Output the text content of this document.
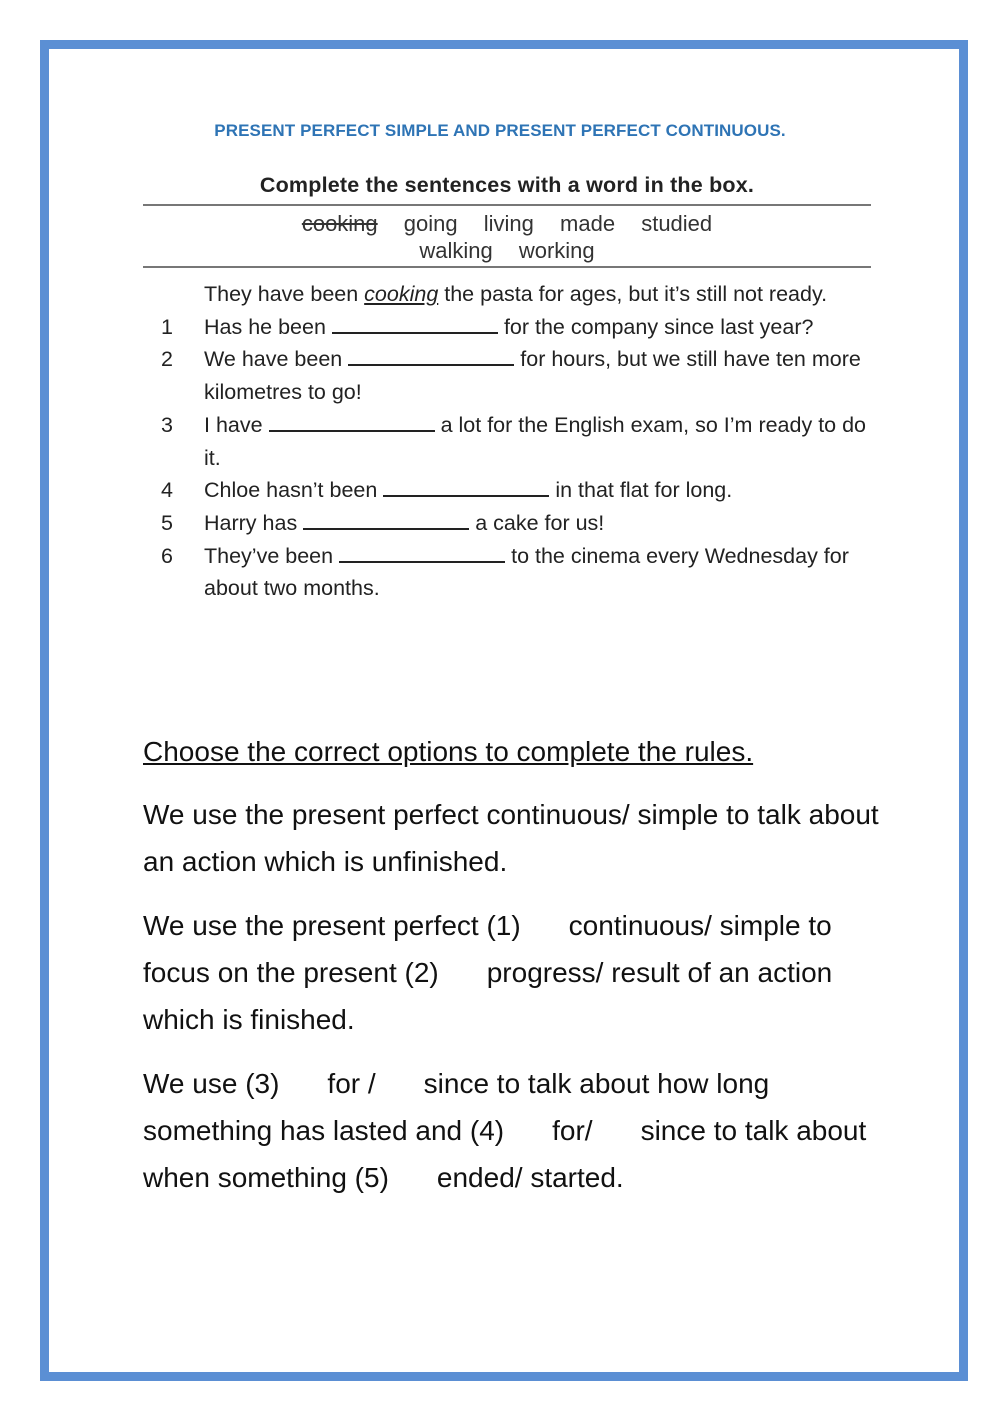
PRESENT PERFECT SIMPLE AND PRESENT PERFECT CONTINUOUS.
Complete the sentences with a word in the box.
cooking going living made studied
walking working
They have been cooking the pasta for ages, but it’s still not ready.
1 Has he been	for the company since last year?
2 We have been	for hours, but we still have ten more kilometres to go!
3 I have	a lot for the English exam, so I’m ready to do it.
4 Chloe hasn’t been	in that flat for long.
5 Harry has	a cake for us!
6 They’ve been	to the cinema every Wednesday for about two months.
Choose the correct options to complete the rules.

We use the present perfect continuous/ simple to talk about an action which is unfinished.

We use the present perfect (1) continuous/ simple to focus on the present (2) progress/ result of an action which is finished.

We use (3) for / since to talk about how long something has lasted and (4) for/ since to talk about when something (5) ended/ started.
